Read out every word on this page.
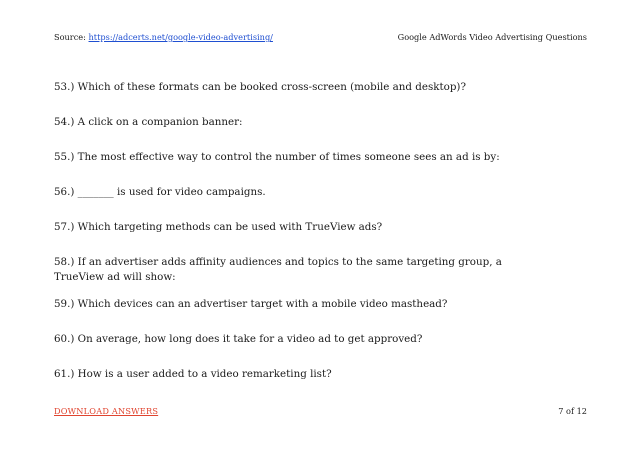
Source: https://adcerts.net/google-video-advertising/	Google AdWords Video Advertising Questions
53.) Which of these formats can be booked cross-screen (mobile and desktop)?
54.) A click on a companion banner:
55.) The most effective way to control the number of times someone sees an ad is by:
56.) _______ is used for video campaigns.
57.) Which targeting methods can be used with TrueView ads?
58.) If an advertiser adds affinity audiences and topics to the same targeting group, a TrueView ad will show:
59.) Which devices can an advertiser target with a mobile video masthead?
60.) On average, how long does it take for a video ad to get approved?
61.) How is a user added to a video remarketing list?
DOWNLOAD ANSWERS	7 of 12
